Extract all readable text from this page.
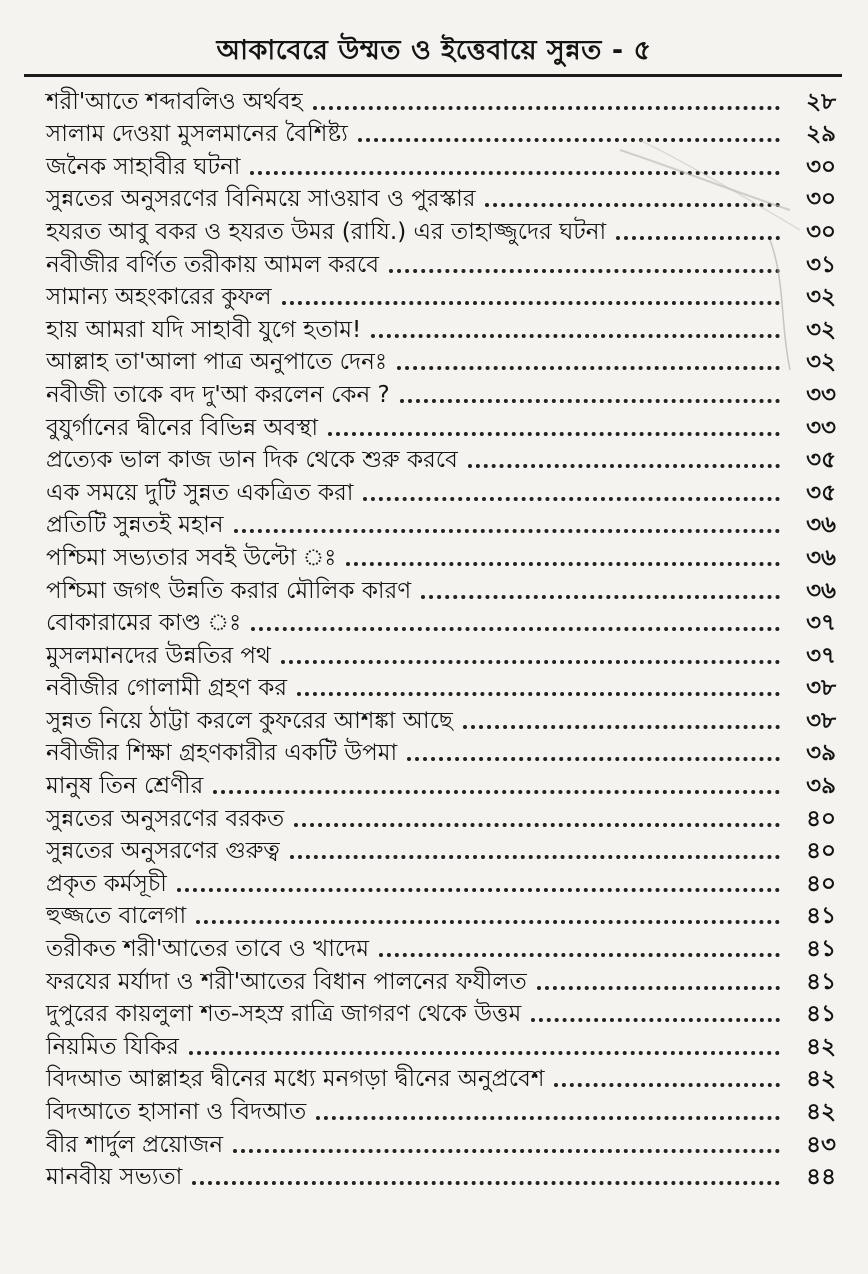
আকাবেরে উম্মত ও ইত্তেবায়ে সুন্নত - ৫
শরী'আতে শব্দাবলিও অর্থবহ	২৮
সালাম দেওয়া মুসলমানের বৈশিষ্ট্য	২৯
জনৈক সাহাবীর ঘটনা	৩০
সুন্নতের অনুসরণের বিনিময়ে সাওয়াব ও পুরস্কার	৩০
হযরত আবু বকর ও হযরত উমর (রাযি.) এর তাহাজ্জুদের ঘটনা	৩০
নবীজীর বর্ণিত তরীকায় আমল করবে	৩১
সামান্য অহংকারের কুফল	৩২
হায় আমরা যদি সাহাবী যুগে হতাম!	৩২
আল্লাহ তা'আলা পাত্র অনুপাতে দেনঃ	৩২
নবীজী তাকে বদ দু'আ করলেন কেন ?	৩৩
বুযুর্গানের দ্বীনের বিভিন্ন অবস্থা	৩৩
প্রত্যেক ভাল কাজ ডান দিক থেকে শুরু করবে	৩৫
এক সময়ে দুটি সুন্নত একত্রিত করা	৩৫
প্রতিটি সুন্নতই মহান	৩৬
পশ্চিমা সভ্যতার সবই উল্টো ঃ	৩৬
পশ্চিমা জগৎ উন্নতি করার মৌলিক কারণ	৩৬
বোকারামের কাণ্ড ঃ	৩৭
মুসলমানদের উন্নতির পথ	৩৭
নবীজীর গোলামী গ্রহণ কর	৩৮
সুন্নত নিয়ে ঠাট্টা করলে কুফরের আশঙ্কা আছে	৩৮
নবীজীর শিক্ষা গ্রহণকারীর একটি উপমা	৩৯
মানুষ তিন শ্রেণীর	৩৯
সুন্নতের অনুসরণের বরকত	৪০
সুন্নতের অনুসরণের গুরুত্ব	৪০
প্রকৃত কর্মসূচী	৪০
হুজ্জতে বালেগা	৪১
তরীকত শরী'আতের তাবে ও খাদেম	৪১
ফরযের মর্যাদা ও শরী'আতের বিধান পালনের ফযীলত	৪১
দুপুরের কায়লুলা শত-সহস্র রাত্রি জাগরণ থেকে উত্তম	৪১
নিয়মিত যিকির	৪২
বিদআত আল্লাহর দ্বীনের মধ্যে মনগড়া দ্বীনের অনুপ্রবেশ	৪২
বিদআতে হাসানা ও বিদআত	৪২
বীর শার্দুল প্রয়োজন	৪৩
মানবীয় সভ্যতা	৪৪
